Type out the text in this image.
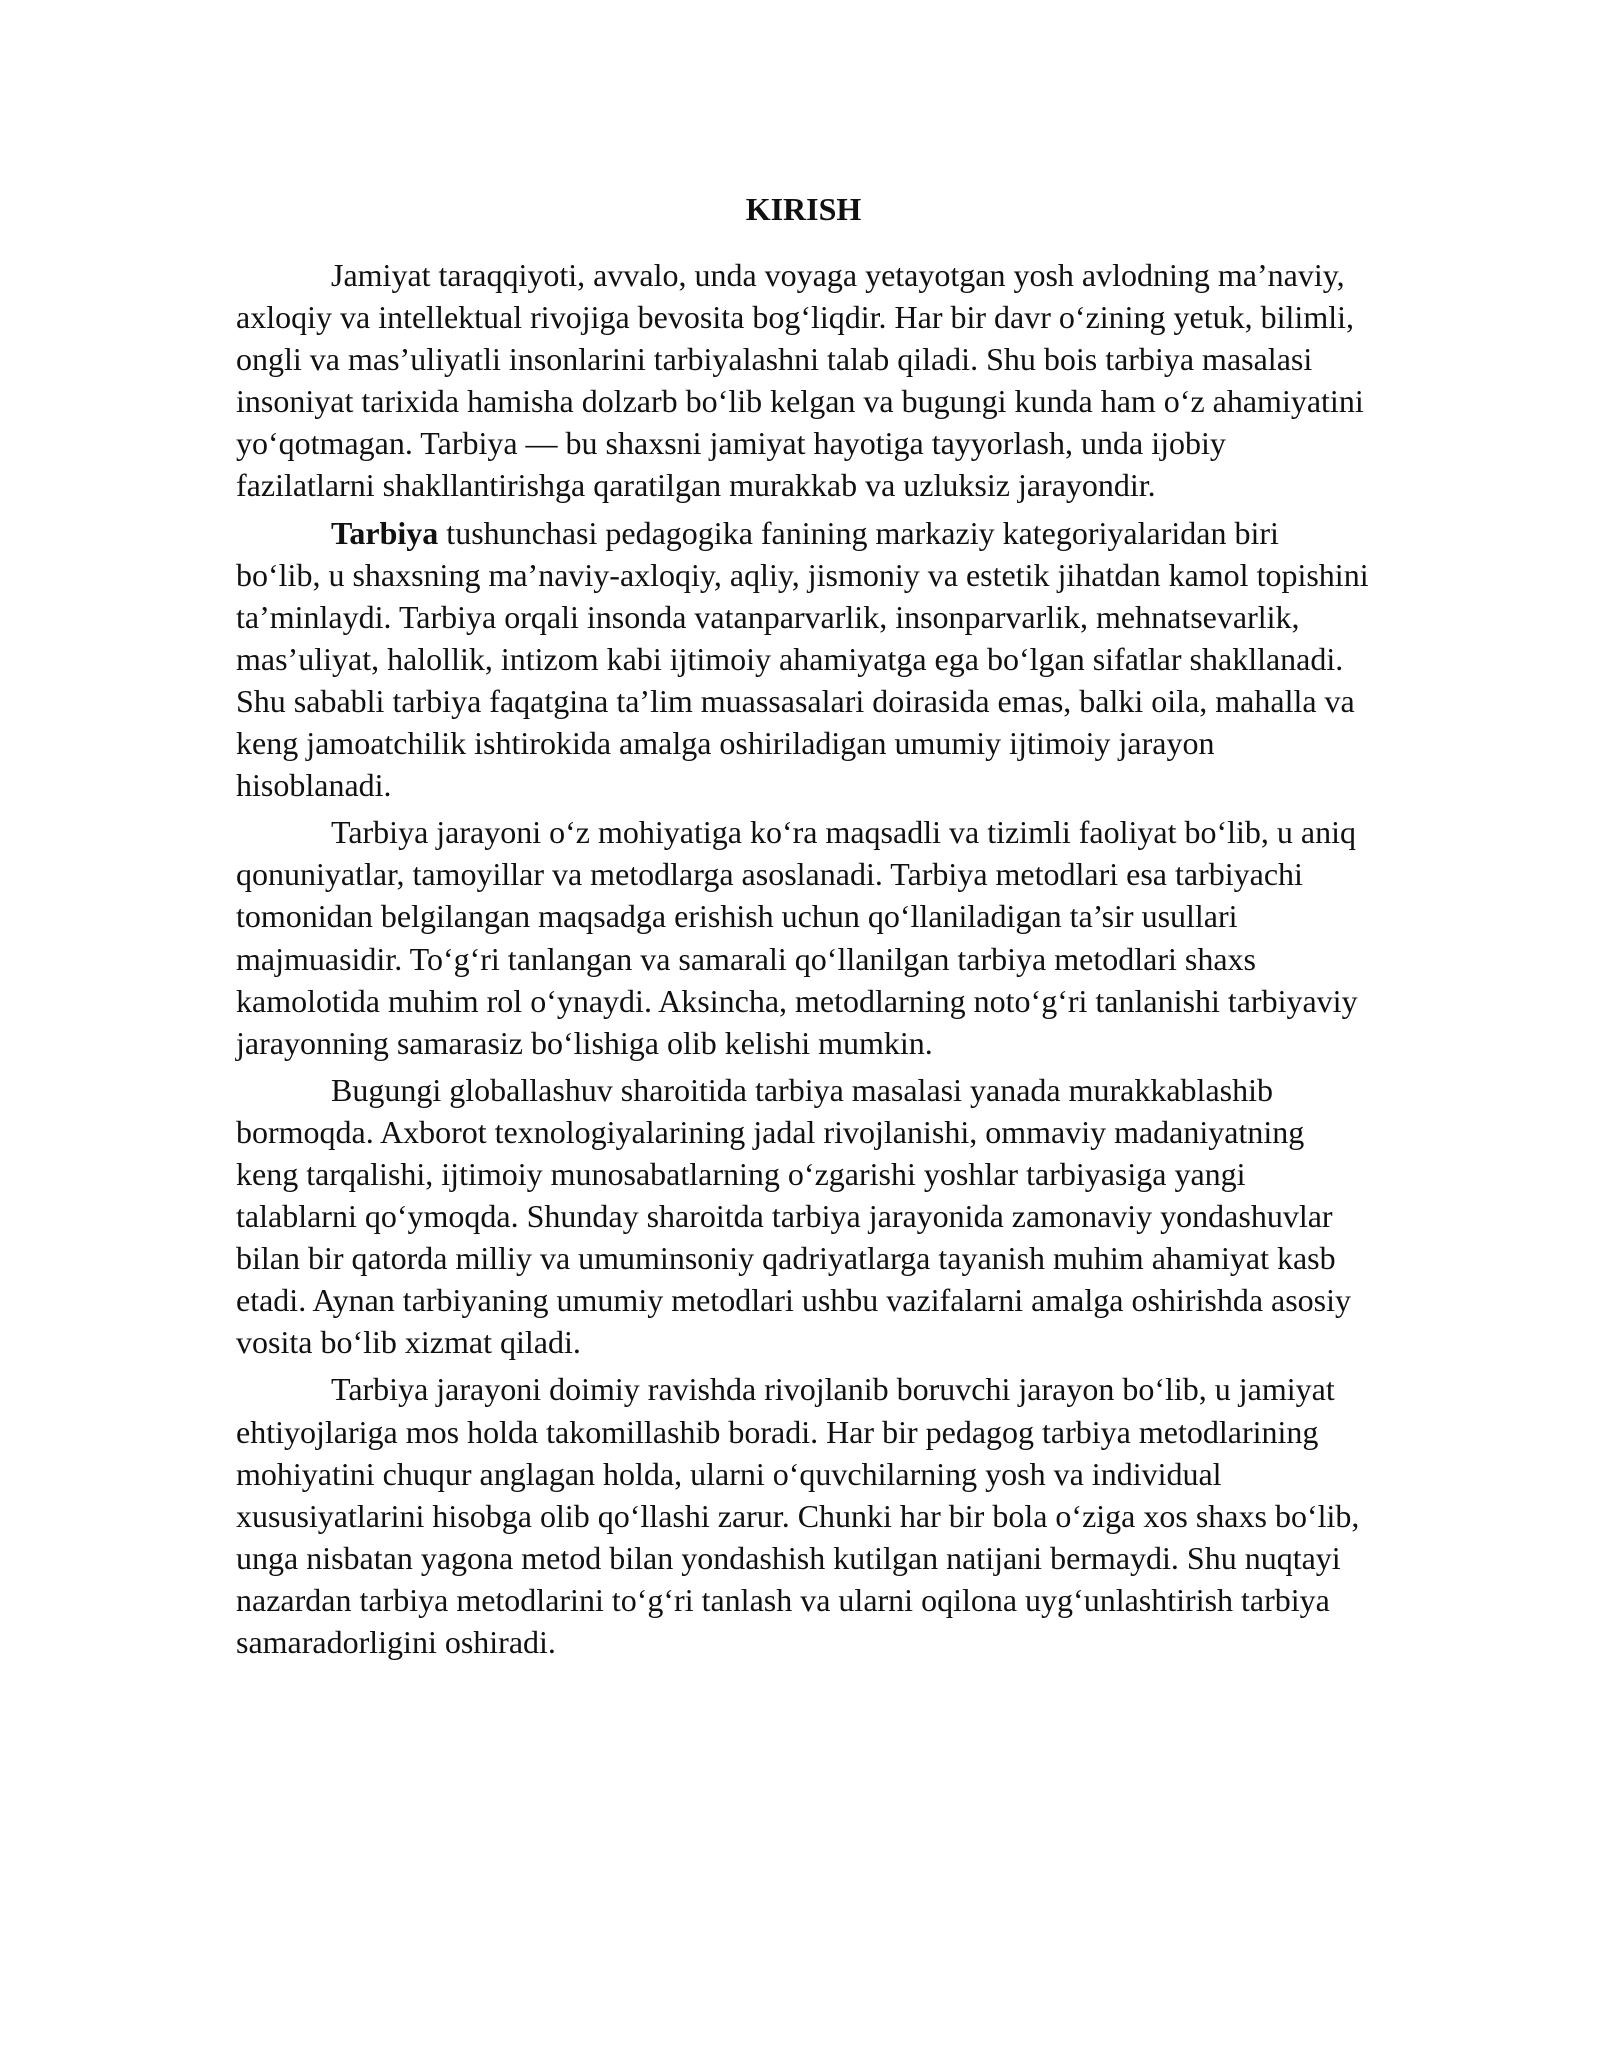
KIRISH

Jamiyat taraqqiyoti, avvalo, unda voyaga yetayotgan yosh avlodning ma’naviy, axloqiy va intellektual rivojiga bevosita bog‘liqdir. Har bir davr o‘zining yetuk, bilimli, ongli va mas’uliyatli insonlarini tarbiyalashni talab qiladi. Shu bois tarbiya masalasi insoniyat tarixida hamisha dolzarb bo‘lib kelgan va bugungi kunda ham o‘z ahamiyatini yo‘qotmagan. Tarbiya — bu shaxsni jamiyat hayotiga tayyorlash, unda ijobiy fazilatlarni shakllantirishga qaratilgan murakkab va uzluksiz jarayondir.

Tarbiya tushunchasi pedagogika fanining markaziy kategoriyalaridan biri bo‘lib, u shaxsning ma’naviy-axloqiy, aqliy, jismoniy va estetik jihatdan kamol topishini ta’minlaydi. Tarbiya orqali insonda vatanparvarlik, insonparvarlik, mehnatsevarlik, mas’uliyat, halollik, intizom kabi ijtimoiy ahamiyatga ega bo‘lgan sifatlar shakllanadi. Shu sababli tarbiya faqatgina ta’lim muassasalari doirasida emas, balki oila, mahalla va keng jamoatchilik ishtirokida amalga oshiriladigan umumiy ijtimoiy jarayon hisoblanadi.

Tarbiya jarayoni o‘z mohiyatiga ko‘ra maqsadli va tizimli faoliyat bo‘lib, u aniq qonuniyatlar, tamoyillar va metodlarga asoslanadi. Tarbiya metodlari esa tarbiyachi tomonidan belgilangan maqsadga erishish uchun qo‘llaniladigan ta’sir usullari majmuasidir. To‘g‘ri tanlangan va samarali qo‘llanilgan tarbiya metodlari shaxs kamolotida muhim rol o‘ynaydi. Aksincha, metodlarning noto‘g‘ri tanlanishi tarbiyaviy jarayonning samarasiz bo‘lishiga olib kelishi mumkin.

Bugungi globallashuv sharoitida tarbiya masalasi yanada murakkablashib bormoqda. Axborot texnologiyalarining jadal rivojlanishi, ommaviy madaniyatning keng tarqalishi, ijtimoiy munosabatlarning o‘zgarishi yoshlar tarbiyasiga yangi talablarni qo‘ymoqda. Shunday sharoitda tarbiya jarayonida zamonaviy yondashuvlar bilan bir qatorda milliy va umuminsoniy qadriyatlarga tayanish muhim ahamiyat kasb etadi. Aynan tarbiyaning umumiy metodlari ushbu vazifalarni amalga oshirishda asosiy vosita bo‘lib xizmat qiladi.

Tarbiya jarayoni doimiy ravishda rivojlanib boruvchi jarayon bo‘lib, u jamiyat ehtiyojlariga mos holda takomillashib boradi. Har bir pedagog tarbiya metodlarining mohiyatini chuqur anglagan holda, ularni o‘quvchilarning yosh va individual xususiyatlarini hisobga olib qo‘llashi zarur. Chunki har bir bola o‘ziga xos shaxs bo‘lib, unga nisbatan yagona metod bilan yondashish kutilgan natijani bermaydi. Shu nuqtayi nazardan tarbiya metodlarini to‘g‘ri tanlash va ularni oqilona uyg‘unlashtirish tarbiya samaradorligini oshiradi.
